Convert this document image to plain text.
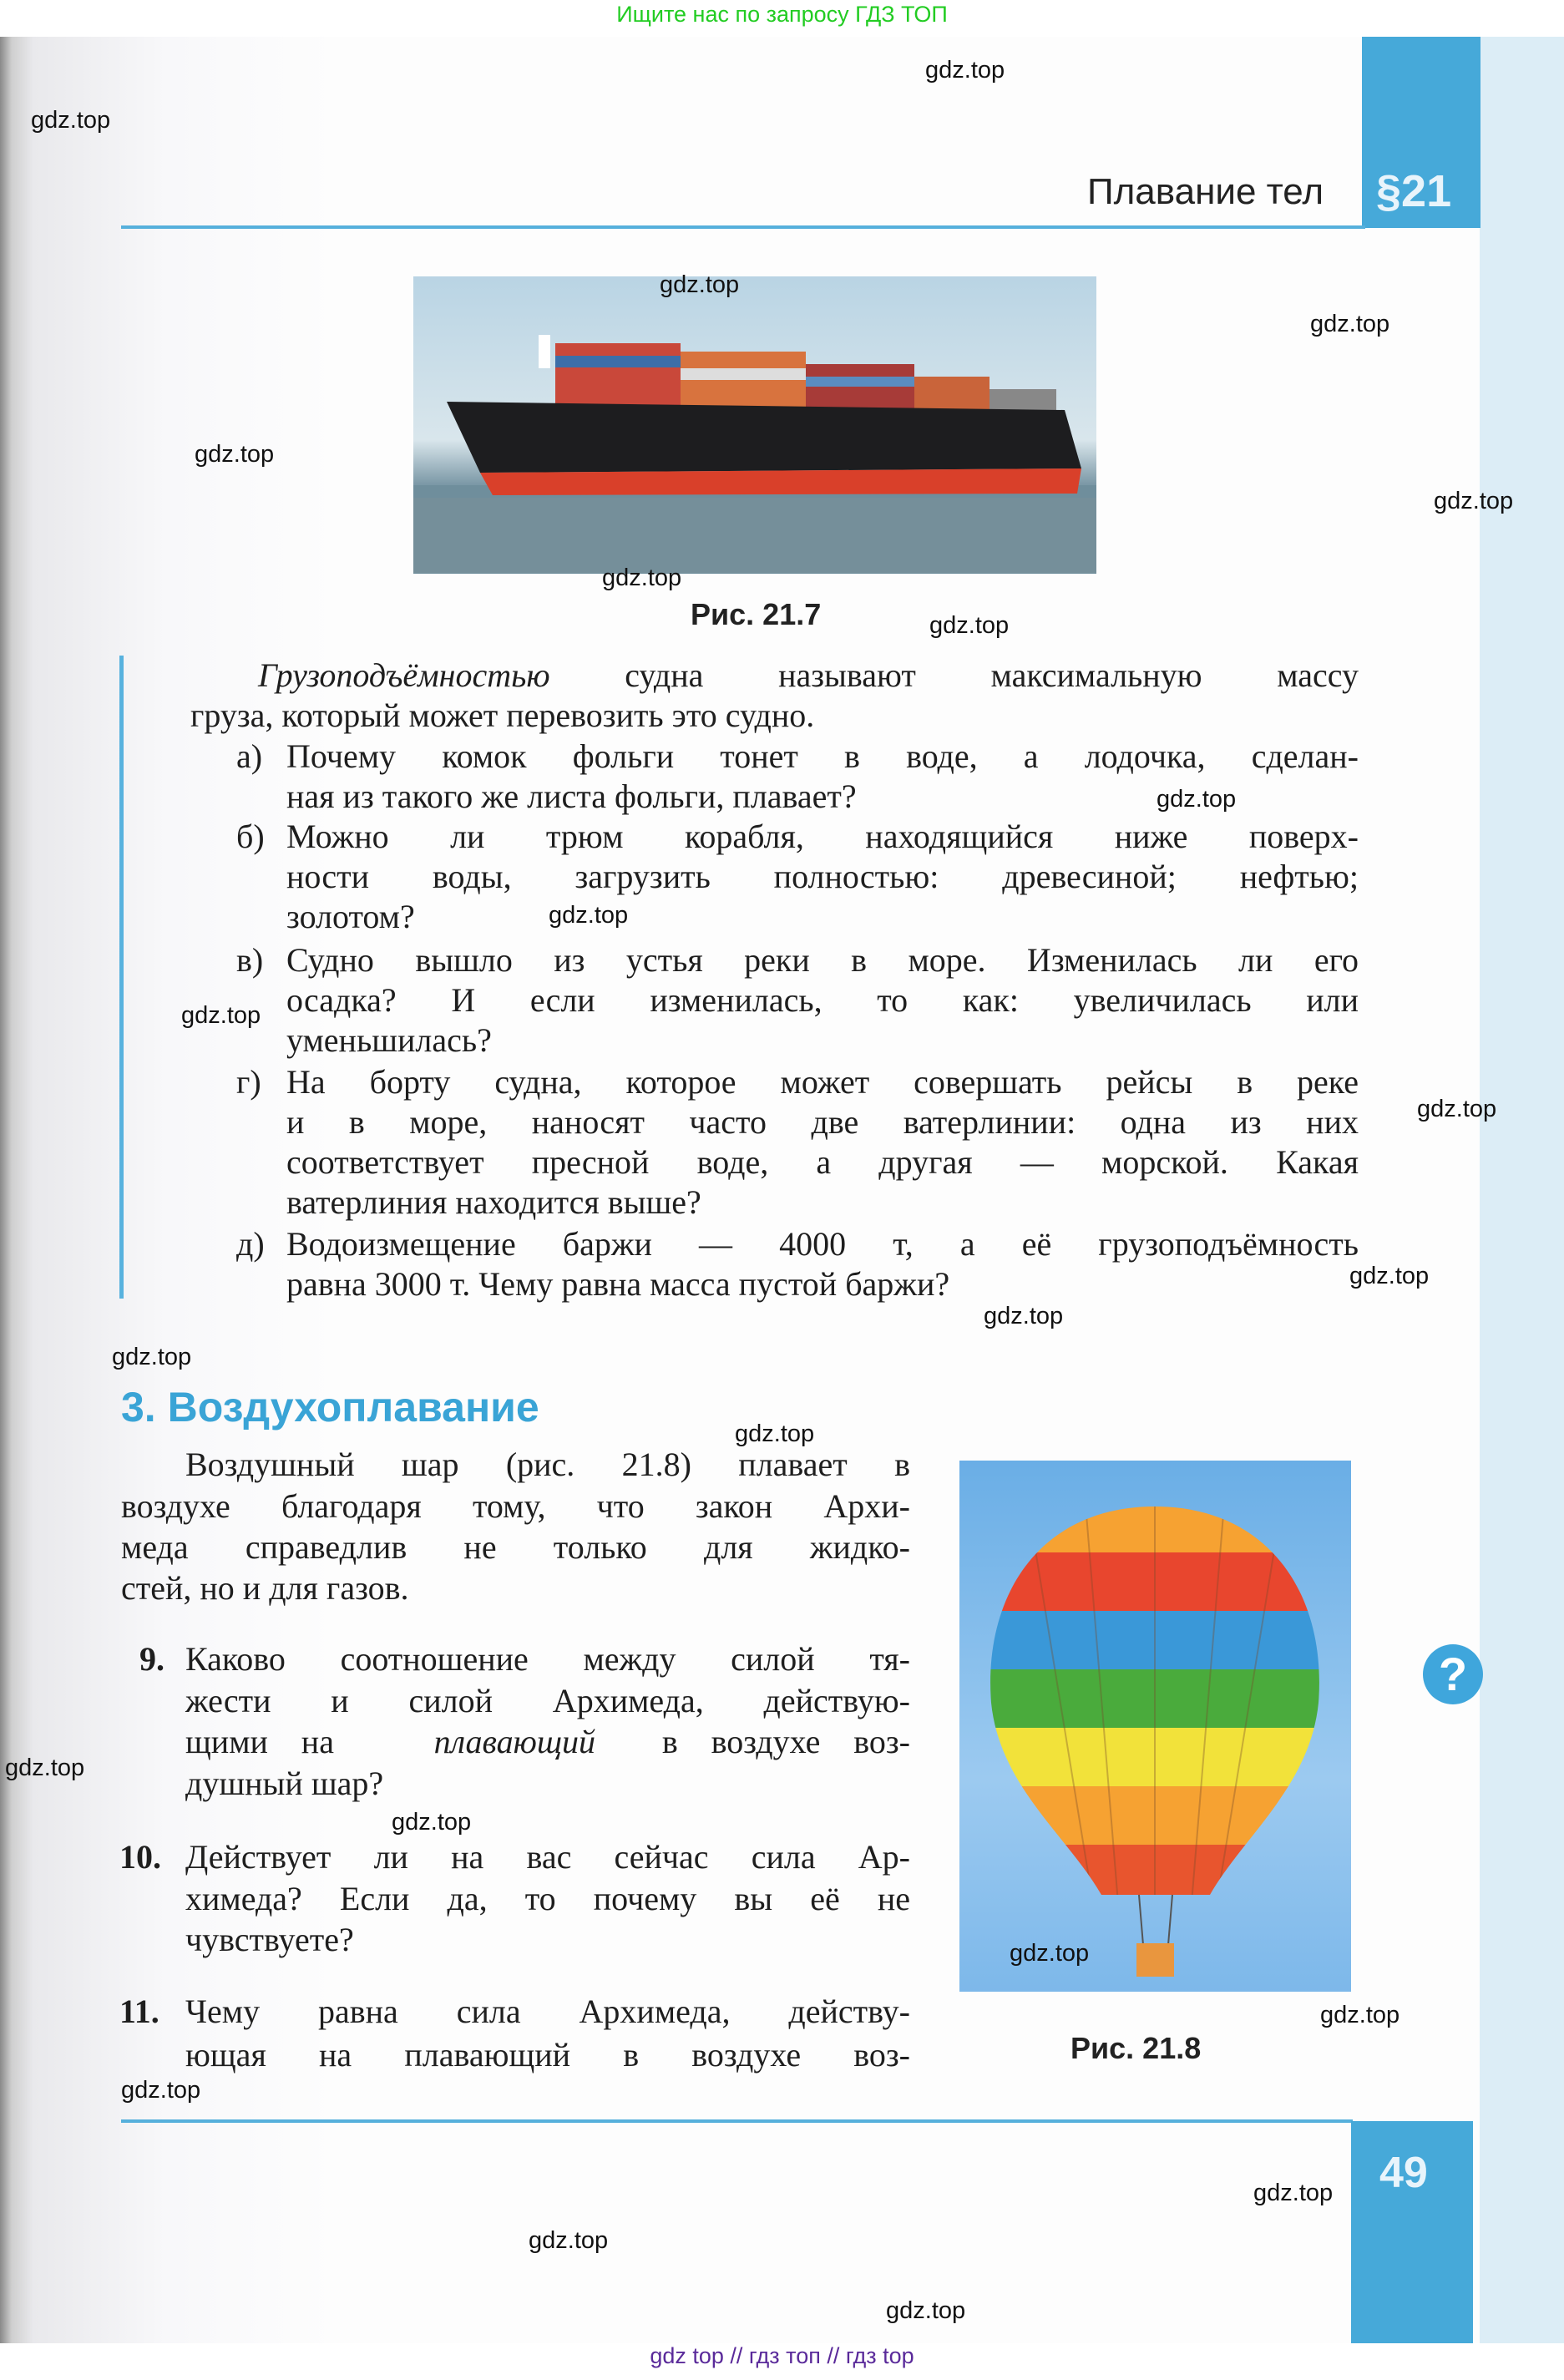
Ищите нас по запросу ГДЗ ТОП
§21
Плавание тел
Рис. 21.7
Грузоподъёмностью судна называют максимальную массу
груза, который может перевозить это судно.
а) Почему комок фольги тонет в воде, а лодочка, сделан-
ная из такого же листа фольги, плавает?
б) Можно ли трюм корабля, находящийся ниже поверх-
ности воды, загрузить полностью: древесиной; нефтью;
золотом?
в) Судно вышло из устья реки в море. Изменилась ли его
осадка? И если изменилась, то как: увеличилась или
уменьшилась?
г) На борту судна, которое может совершать рейсы в реке
и в море, наносят часто две ватерлинии: одна из них
соответствует пресной воде, а другая — морской. Какая
ватерлиния находится выше?
д) Водоизмещение баржи — 4000 т, а её грузоподъёмность
равна 3000 т. Чему равна масса пустой баржи?
3. Воздухоплавание
Воздушный шар (рис. 21.8) плавает в
воздухе благодаря тому, что закон Архи-
меда справедлив не только для жидко-
стей, но и для газов.
9. Каково соотношение между силой тя-
жести и силой Архимеда, действую-
щими на   плавающий в воздухе воз-
душный шар?
10. Действует ли на вас сейчас сила Ар-
химеда? Если да, то почему вы её не
чувствуете?
11. Чему равна сила Архимеда, действу-
ющая на плавающий в воздухе воз-	Рис. 21.8
?
49
gdz.top
gdz.top
gdz.top
gdz.top
gdz.top
gdz.top
gdz.top
gdz.top
gdz.top
gdz.top
gdz.top
gdz.top
gdz.top
gdz.top
gdz.top
gdz.top
gdz.top
gdz.top
gdz.top
gdz.top
gdz.top
gdz.top
gdz.top
gdz.top
gdz top // гдз топ // гдз top
